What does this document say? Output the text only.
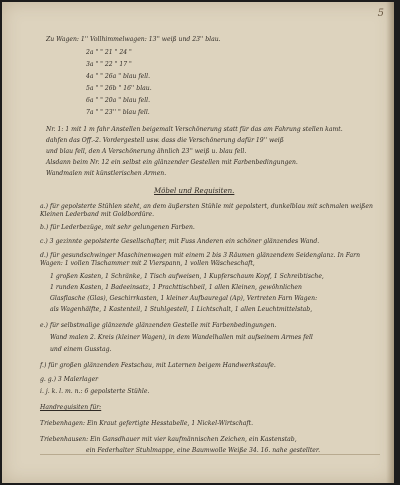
5
Zu Wagen: 1'' Vollhimmelwagen: 13'' weiß und 23'' blau.
2a " " 21 " 24 "
3a " " 22 " 17 "
4a " " 26a " blau fell.
5a " " 26b " 16'' blau.
6a " " 20a " blau fell.
7a " " 23'' " blau fell.
Nr. 1: 1 mit 1 m fahr Anstellen beigemalt Verschönerung statt für das am Fahrung stellen kamt.
dahfen das Off.-2. Vordergestell usw. dass die Verschönerung dafür 19'' weiß
und blau fell, den A Verschönerung ähnlich 23'' weiß u. blau fell.
Alsdann beim Nr. 12 ein selbst ein glänzender Gestellen mit Farbenbedingungen.
Wandmalen mit künstlerischen Armen.
Möbel und Requisiten.
a.) für gepolsterte Stühlen steht, an dem äußersten Stühle mit gepolstert, dunkelblau mit schmalen weißen Kleinen Lederband mit Goldbordüre.
b.) für Lederbezüge, mit sehr gelungenen Farben.
c.) 3 gezinnte gepolsterte Gesellschafter, mit Fuss Anderen ein schöner glänzendes Wand.
d.) für gesundschwinger Maschinenwagen mit einem 2 bis 3 Räumen glänzendem Seidenglanz. In Farn Wagen: 1 vollen Tischammer mit 2 Vierspann, 1 vollen Wäscheschaft,
1 großen Kasten, 1 Schränke, 1 Tisch aufweisen, 1 Kupferschaum Kopf, 1 Schreibtische,
1 runden Kasten, 1 Badeeinsatz, 1 Prachttischbeil, 1 allen Kleinen, gewöhnlichen
Glasflasche (Glas), Geschirrkasten, 1 kleiner Aufbauregal (Ap), Vertreten Farn Wagen:
als Wagenhälfte, 1 Kastenteil, 1 Stuhlgestell, 1 Lichtschalt, 1 allen Leuchtmittelstab,
e.) für selbstmalige glänzende glänzenden Gestelle mit Farbenbedingungen.
Wand malen 2. Kreis (kleiner Wagen), in dem Wandelhallen mit aufseinem Armes fell
und einem Gusstag.
f.) für großen glänzenden Festschau, mit Laternen beigem Handwerkstaufe.
g. g.) 3 Malerlager
i. j. k. l. m. n.: 6 gepolsterte Stühle.
Handrequisiten für:
Triebenhagen: Ein Kraut gefertigte Hesstabelle, 1 Nickel-Wirtschaft.
Triebenhausen: Ein Gansdhauer mit vier kaufmännischen Zeichen, ein Kastenstab,
ein Federhalter Stuhlmappe, eine Baumwolle Weiße 34. 16. nahe gestellter.
